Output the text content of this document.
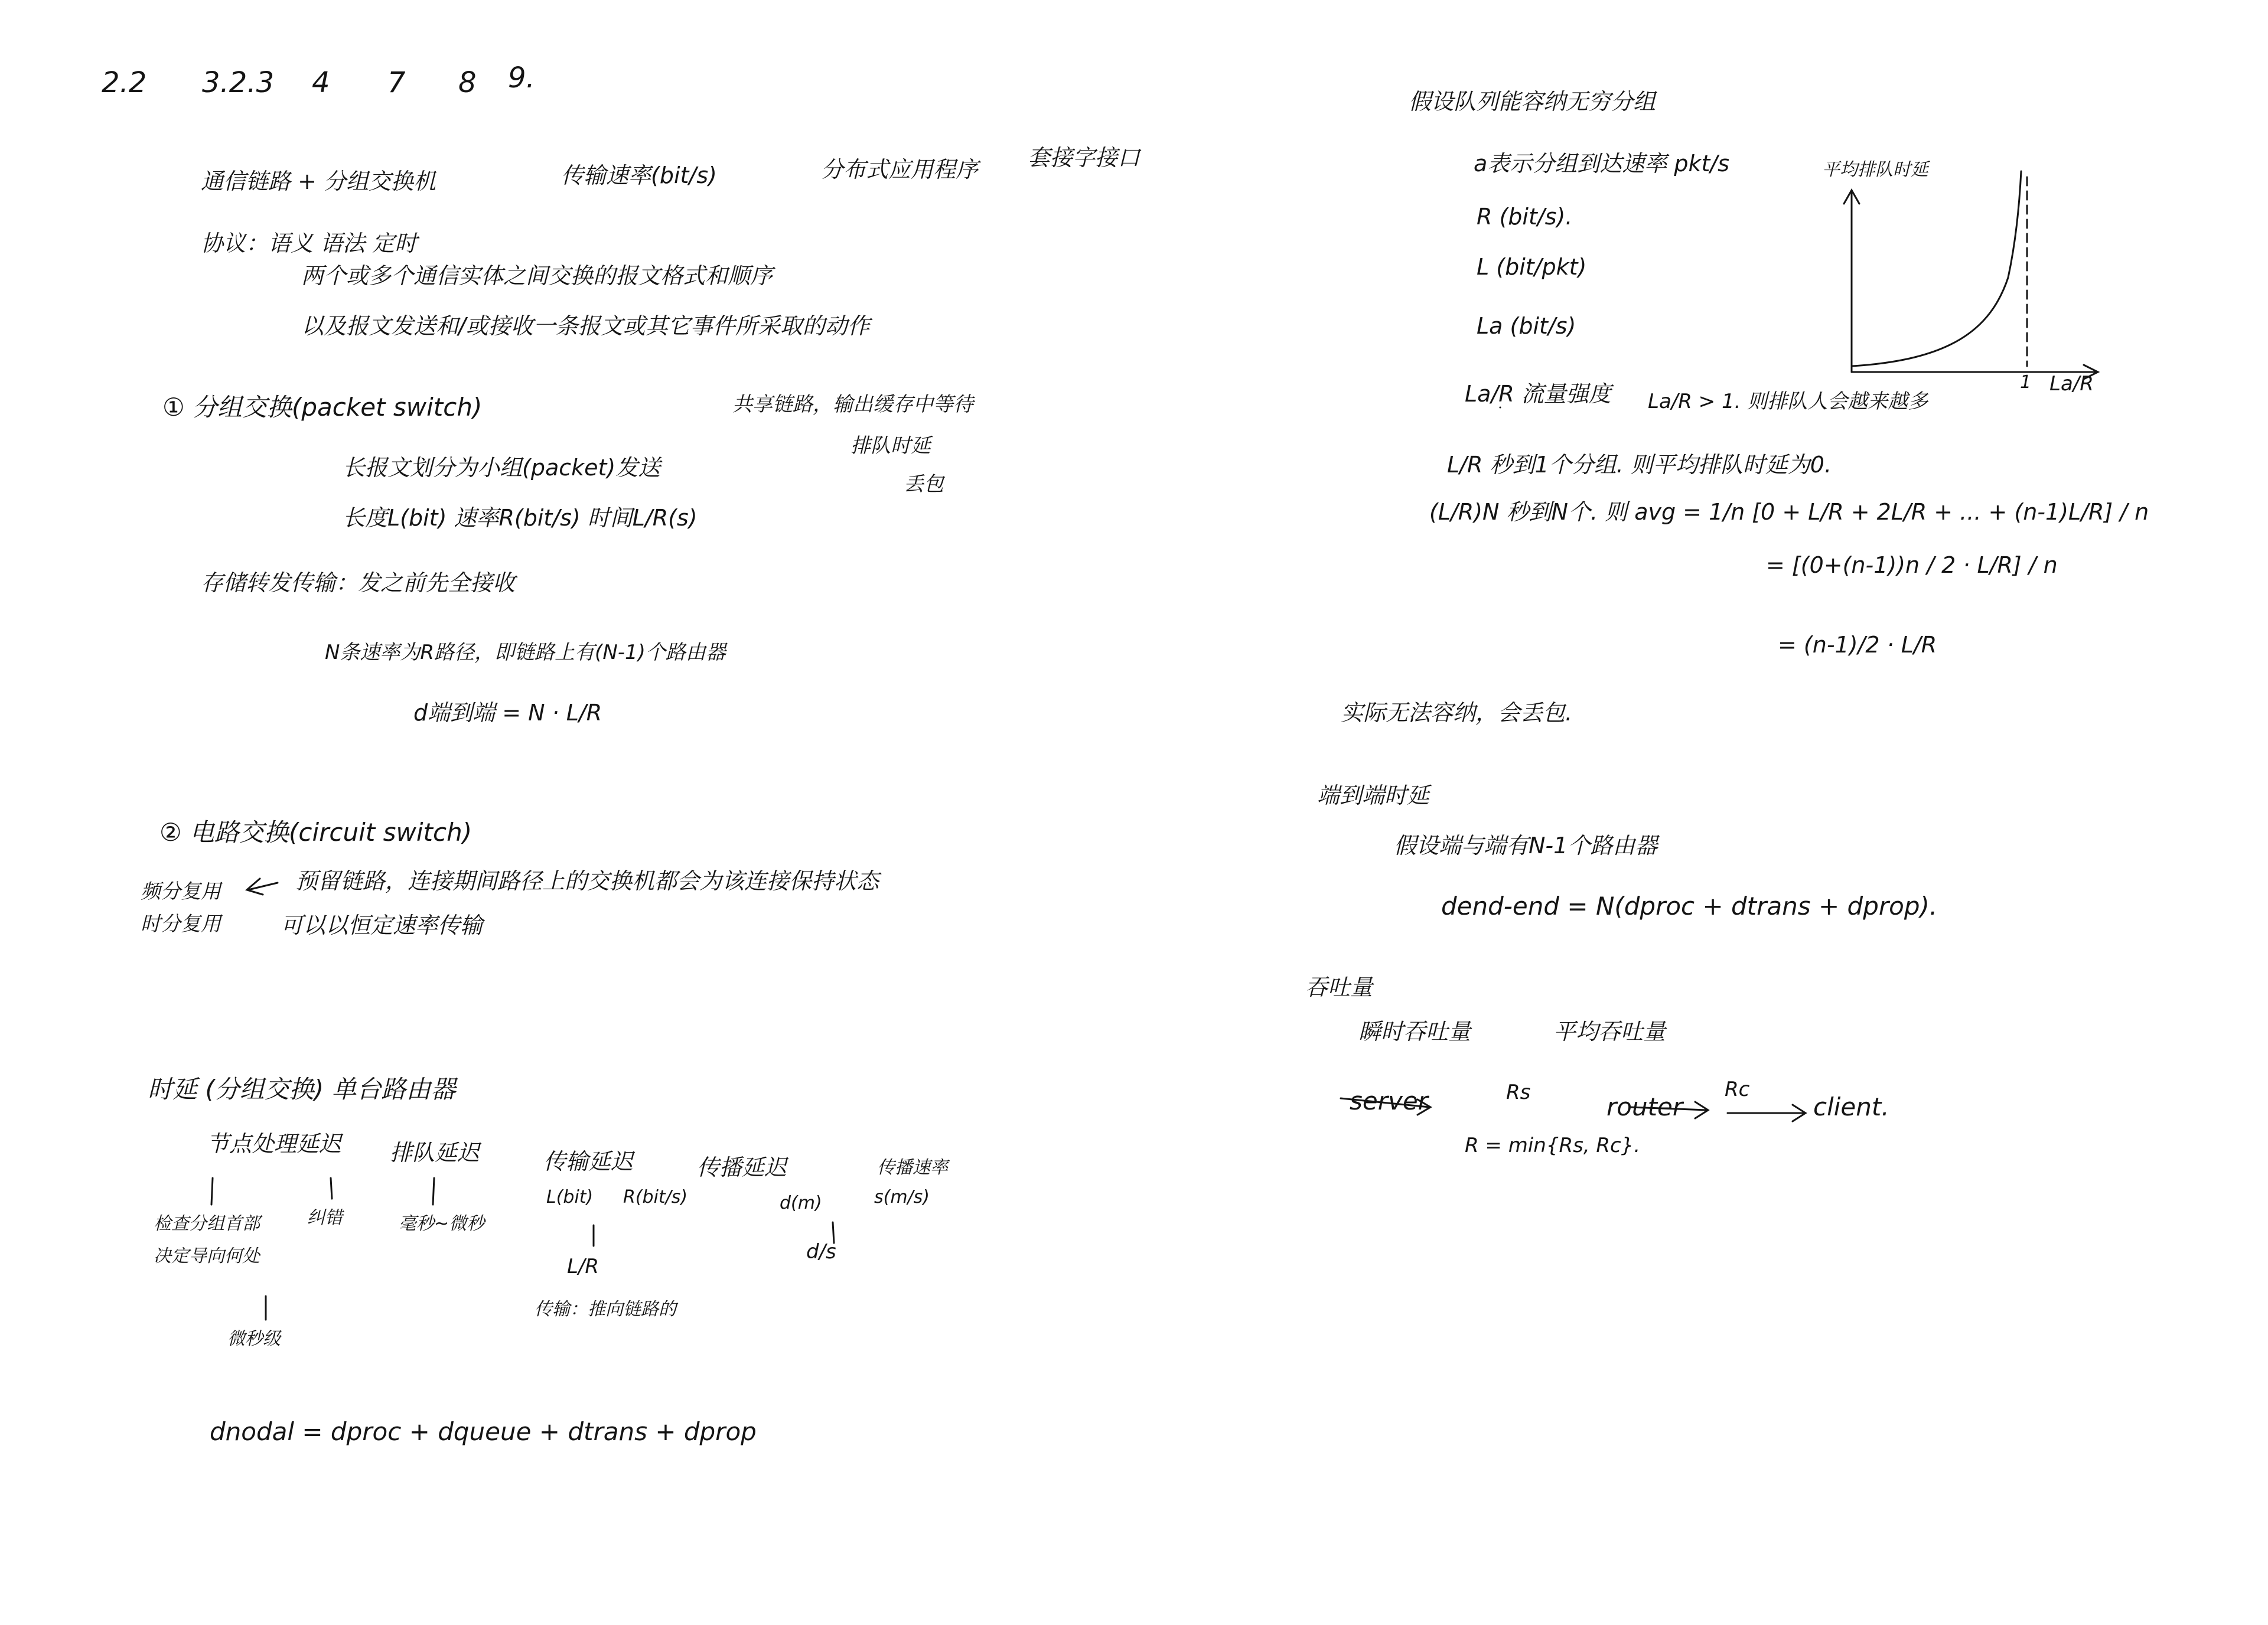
2.2 3.2.3 4 7 8 9.
通信链路 + 分组交换机	传输速率(bit/s)	分布式应用程序 套接字接口
协议：语义 语法 定时
两个或多个通信实体之间交换的报文格式和顺序
以及报文发送和/或接收一条报文或其它事件所采取的动作
① 分组交换(packet switch)	共享链路，输出缓存中等待
排队时延
丢包
长报文划分为小组(packet)发送
长度L(bit) 速率R(bit/s) 时间L/R(s)
存储转发传输：发之前先全接收
N条速率为R路径，即链路上有(N-1)个路由器
d端到端 = N · L/R
② 电路交换(circuit switch)
频分复用
时分复用
预留链路，连接期间路径上的交换机都会为该连接保持状态
可以以恒定速率传输
时延 (分组交换) 单台路由器
节点处理延迟 排队延迟	传输延迟	传播延迟
检查分组首部
决定导向何处
纠错
微秒级
毫秒~微秒
L(bit) R(bit/s)
L/R
传输：推向链路的
d(m)	s(m/s)
d/s
传播速率
dnodal = dproc + dqueue + dtrans + dprop
假设队列能容纳无穷分组
a表示分组到达速率 pkt/s
R (bit/s).
L (bit/pkt)
La (bit/s)
La/R 流量强度 La/R > 1. 则排队人会越来越多
平均排队时延
La/R
1
L/R 秒到1个分组. 则平均排队时延为0.
(L/R)N 秒到N个. 则 avg = 1/n [0 + L/R + 2L/R + ... + (n-1)L/R] / n
= [(0+(n-1))n / 2 · L/R] / n
= (n-1)/2 · L/R
实际无法容纳，会丢包.
端到端时延
假设端与端有N-1个路由器
dend-end = N(dproc + dtrans + dprop).
吞吐量
瞬时吞吐量	平均吞吐量
server	router	client.
Rs	Rc
R = min{Rs, Rc}.
